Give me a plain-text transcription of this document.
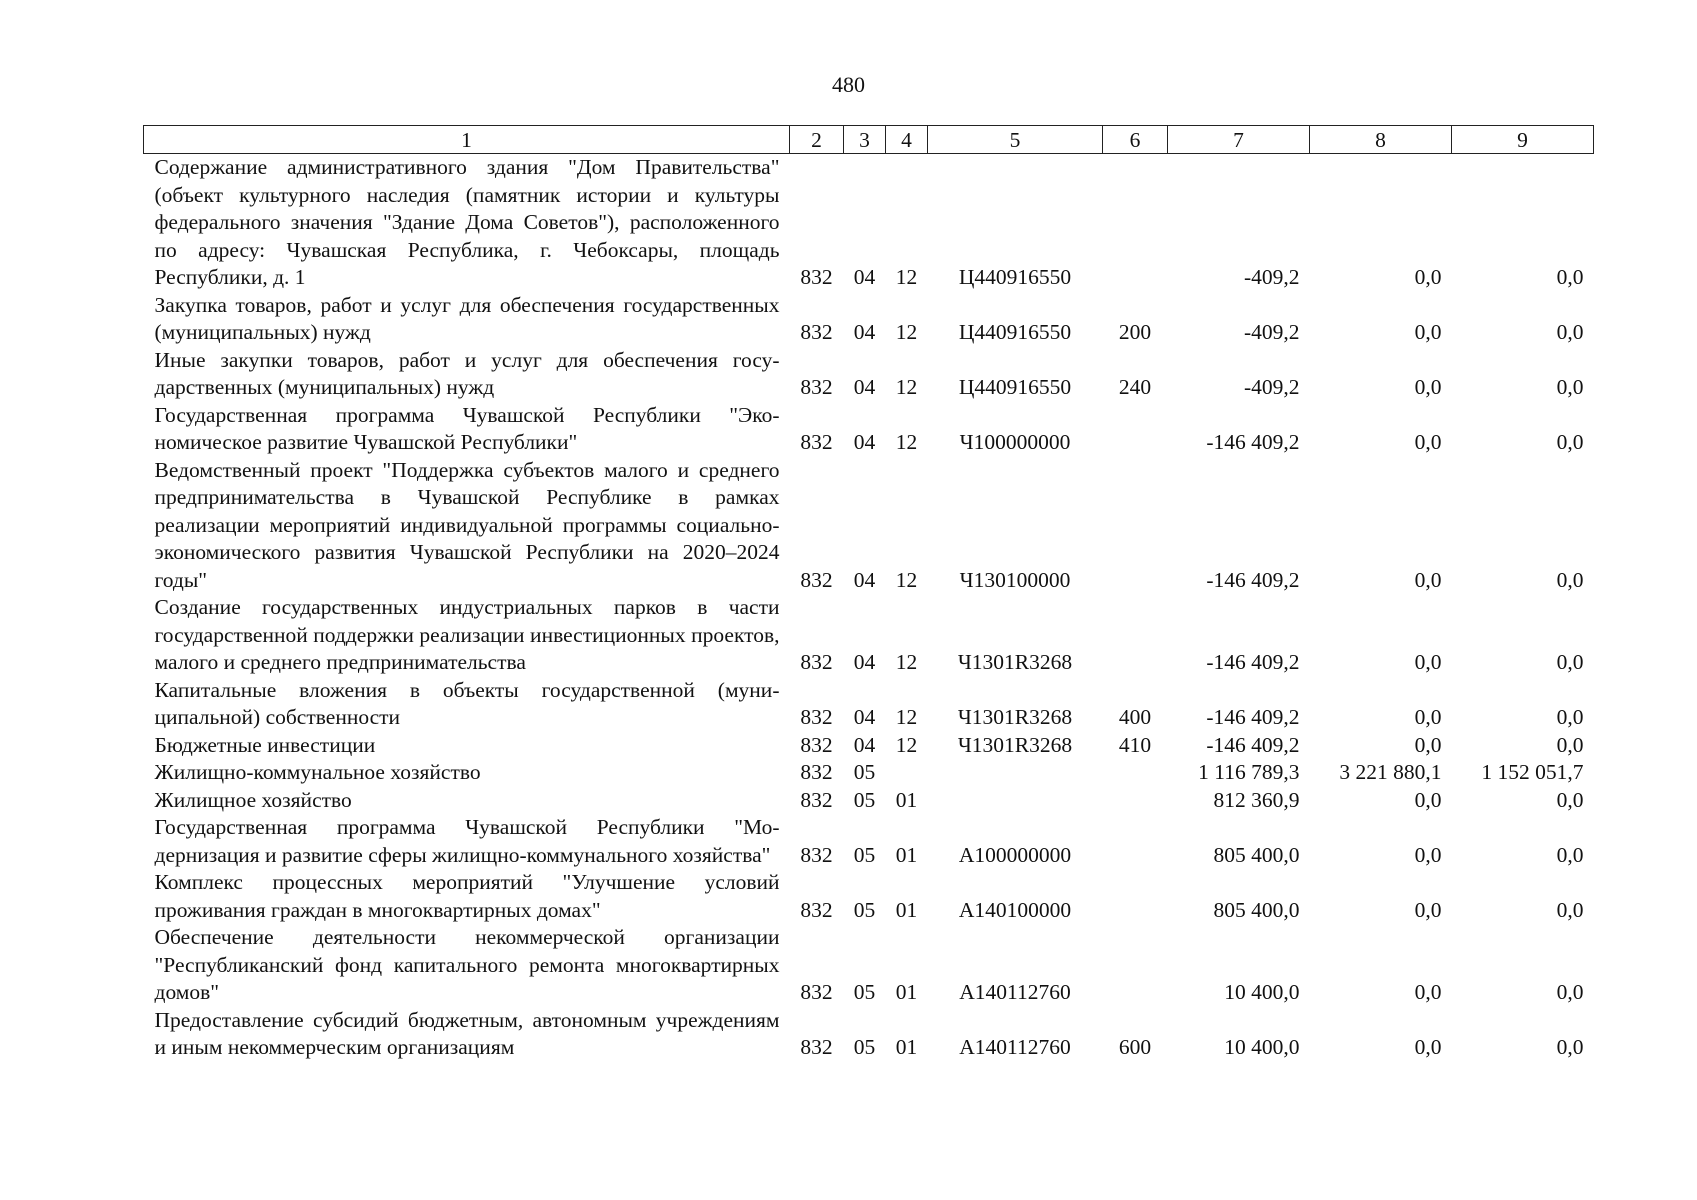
480
1	2	3	4	5	6	7	8	9
Содержание административного здания "Дом Правительства" (объект культурного наследия (памятник истории и культуры федерального значения "Здание Дома Советов"), расположенного по адресу: Чувашская Республика, г. Чебоксары, площадь Республики, д. 1	832	04	12	Ц440916550		-409,2	0,0	0,0
Закупка товаров, работ и услуг для обеспечения государственных (муниципальных) нужд	832	04	12	Ц440916550	200	-409,2	0,0	0,0
Иные закупки товаров, работ и услуг для обеспечения государственных (муниципальных) нужд	832	04	12	Ц440916550	240	-409,2	0,0	0,0
Государственная программа Чувашской Республики "Экономическое развитие Чувашской Республики"	832	04	12	Ч100000000		-146 409,2	0,0	0,0
Ведомственный проект "Поддержка субъектов малого и среднего предпринимательства в Чувашской Республике в рамках реализации мероприятий индивидуальной программы социально-экономического развития Чувашской Республики на 2020–2024 годы"	832	04	12	Ч130100000		-146 409,2	0,0	0,0
Создание государственных индустриальных парков в части государственной поддержки реализации инвестиционных проектов, малого и среднего предпринимательства	832	04	12	Ч1301R3268		-146 409,2	0,0	0,0
Капитальные вложения в объекты государственной (муниципальной) собственности	832	04	12	Ч1301R3268	400	-146 409,2	0,0	0,0
Бюджетные инвестиции	832	04	12	Ч1301R3268	410	-146 409,2	0,0	0,0
Жилищно-коммунальное хозяйство	832	05				1 116 789,3	3 221 880,1	1 152 051,7
Жилищное хозяйство	832	05	01			812 360,9	0,0	0,0
Государственная программа Чувашской Республики "Модернизация и развитие сферы жилищно-коммунального хозяйства"	832	05	01	А100000000		805 400,0	0,0	0,0
Комплекс процессных мероприятий "Улучшение условий проживания граждан в многоквартирных домах"	832	05	01	А140100000		805 400,0	0,0	0,0
Обеспечение деятельности некоммерческой организации "Республиканский фонд капитального ремонта многоквартирных домов"	832	05	01	А140112760		10 400,0	0,0	0,0
Предоставление субсидий бюджетным, автономным учреждениям и иным некоммерческим организациям	832	05	01	А140112760	600	10 400,0	0,0	0,0
